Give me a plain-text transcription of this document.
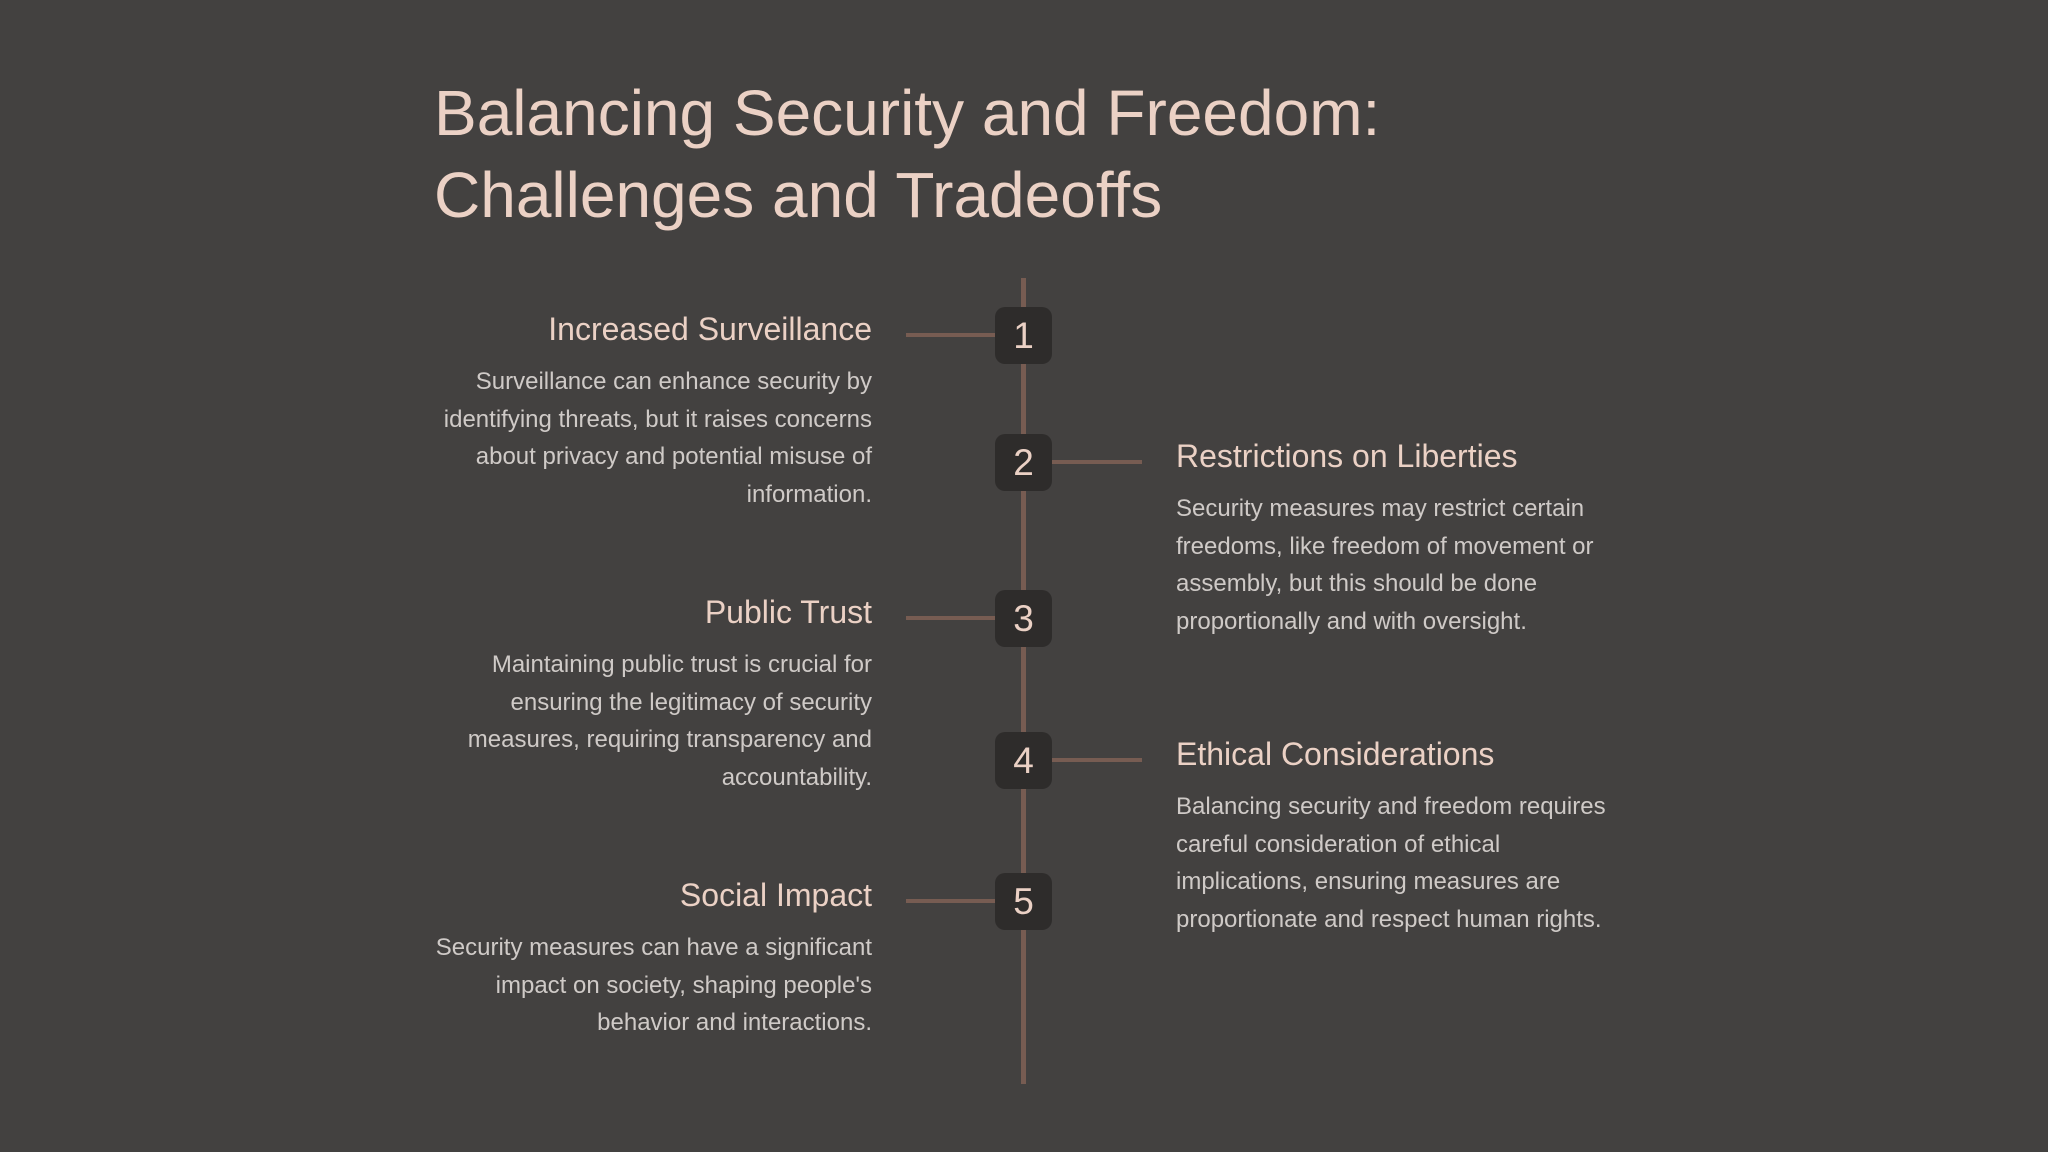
Balancing Security and Freedom:
Challenges and Tradeoffs
1
Increased Surveillance

Surveillance can enhance security by identifying threats, but it raises concerns about privacy and potential misuse of information.

2	Restrictions on Liberties

Security measures may restrict certain freedoms, like freedom of movement or assembly, but this should be done proportionally and with oversight.

3
Public Trust

Maintaining public trust is crucial for ensuring the legitimacy of security measures, requiring transparency and accountability.	4	Ethical Considerations

Balancing security and freedom requires careful consideration of ethical implications, ensuring measures are proportionate and respect human rights.

5
Social Impact

Security measures can have a significant impact on society, shaping people's behavior and interactions.
